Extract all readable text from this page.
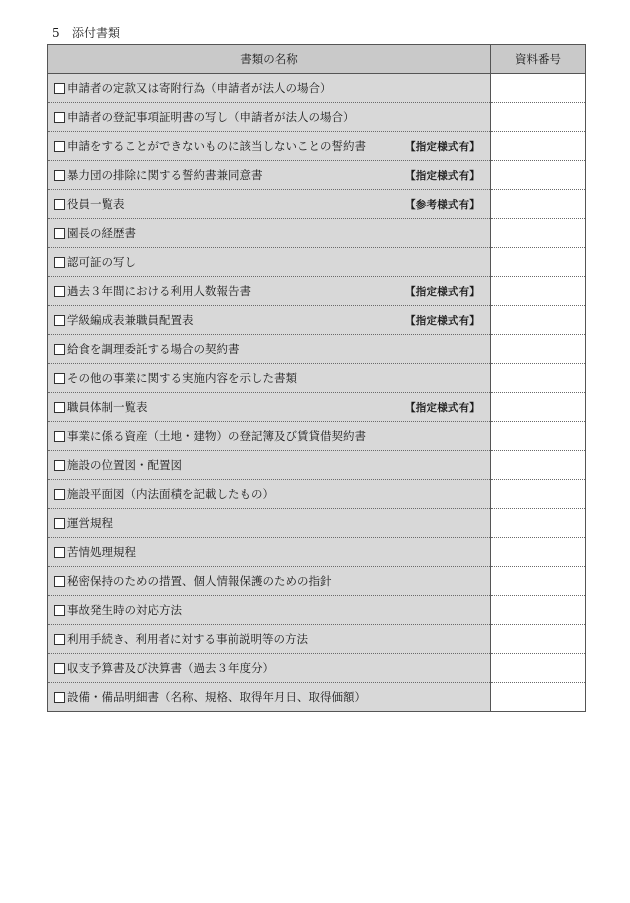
5 添付書類
書類の名称	資料番号

申請者の定款又は寄附行為（申請者が法人の場合）	

申請者の登記事項証明書の写し（申請者が法人の場合）	

申請をすることができないものに該当しないことの誓約書 【指定様式有】	

暴力団の排除に関する誓約書兼同意書 【指定様式有】	

役員一覧表 【参考様式有】	

園長の経歴書	

認可証の写し	

過去３年間における利用人数報告書 【指定様式有】	

学級編成表兼職員配置表 【指定様式有】	

給食を調理委託する場合の契約書	

その他の事業に関する実施内容を示した書類	

職員体制一覧表 【指定様式有】	

事業に係る資産（土地・建物）の登記簿及び賃貸借契約書	

施設の位置図・配置図	

施設平面図（内法面積を記載したもの）	

運営規程	

苦情処理規程	

秘密保持のための措置、個人情報保護のための指針	

事故発生時の対応方法	

利用手続き、利用者に対する事前説明等の方法	

収支予算書及び決算書（過去３年度分）	

設備・備品明細書（名称、規格、取得年月日、取得価額）	
